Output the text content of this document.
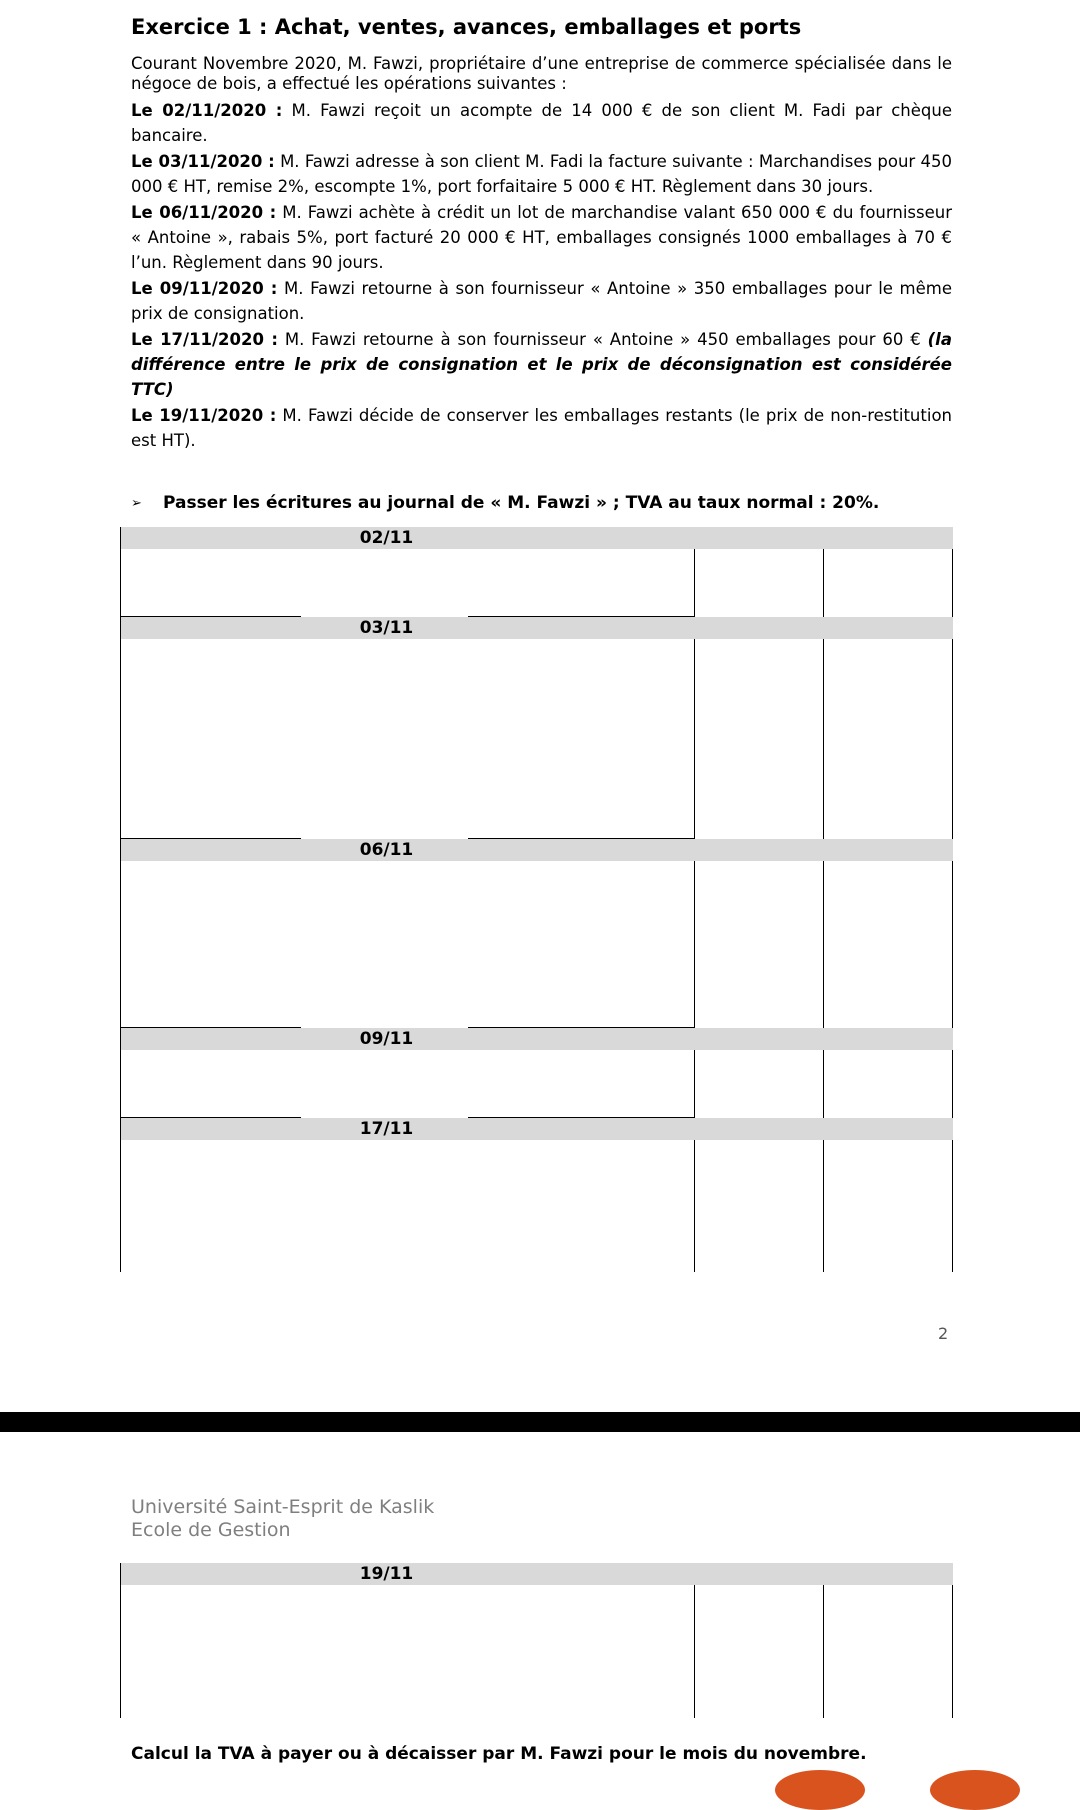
Exercice 1 : Achat, ventes, avances, emballages et ports

Courant Novembre 2020, M. Fawzi, propriétaire d’une entreprise de commerce spécialisée dans le négoce de bois, a effectué les opérations suivantes :

Le 02/11/2020 : M. Fawzi reçoit un acompte de 14 000 € de son client M. Fadi par chèque bancaire.

Le 03/11/2020 : M. Fawzi adresse à son client M. Fadi la facture suivante : Marchandises pour 450 000 € HT, remise 2%, escompte 1%, port forfaitaire 5 000 € HT. Règlement dans 30 jours.

Le 06/11/2020 : M. Fawzi achète à crédit un lot de marchandise valant 650 000 € du fournisseur « Antoine », rabais 5%, port facturé 20 000 € HT, emballages consignés 1000 emballages à 70 € l’un. Règlement dans 90 jours.

Le 09/11/2020 : M. Fawzi retourne à son fournisseur « Antoine » 350 emballages pour le même prix de consignation.

Le 17/11/2020 : M. Fawzi retourne à son fournisseur « Antoine » 450 emballages pour 60 € (la différence entre le prix de consignation et le prix de déconsignation est considérée TTC)

Le 19/11/2020 : M. Fawzi décide de conserver les emballages restants (le prix de non-restitution est HT).

➢ Passer les écritures au journal de « M. Fawzi » ; TVA au taux normal : 20%.
02/11
03/11
06/11
09/11
17/11
2
Université Saint-Esprit de Kaslik
Ecole de Gestion
19/11
Calcul la TVA à payer ou à décaisser par M. Fawzi pour le mois du novembre.
